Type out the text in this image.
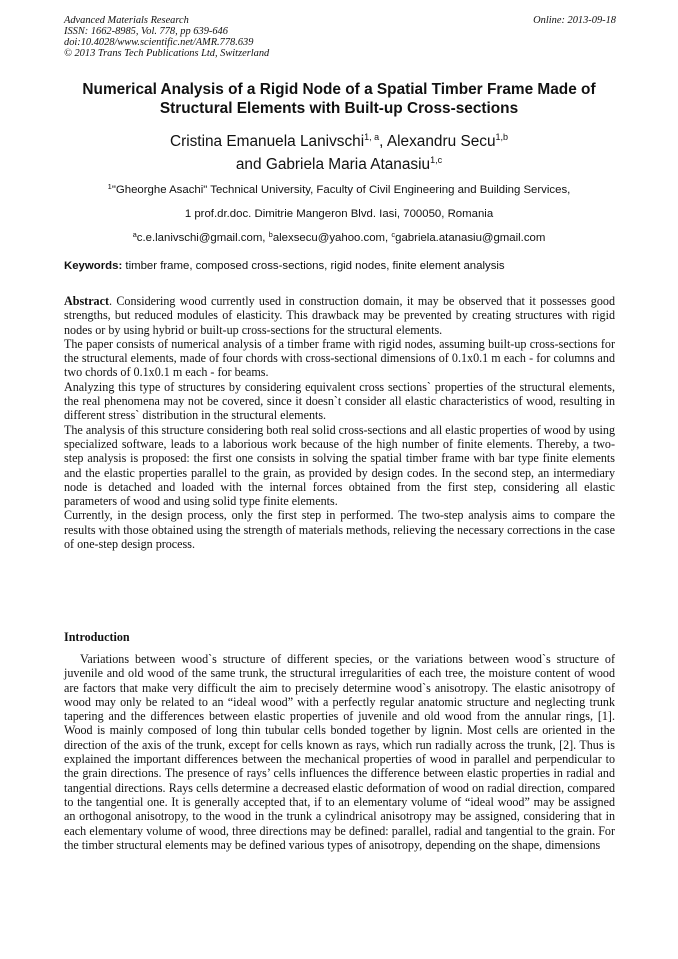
Advanced Materials Research
ISSN: 1662-8985, Vol. 778, pp 639-646
doi:10.4028/www.scientific.net/AMR.778.639
© 2013 Trans Tech Publications Ltd, Switzerland
Online: 2013-09-18
Numerical Analysis of a Rigid Node of a Spatial Timber Frame Made of
Structural Elements with Built-up Cross-sections
Cristina Emanuela Lanivschi$^{1, a}$, Alexandru Secu$^{1,b}$
and Gabriela Maria Atanasiu$^{1,c}$
$^1$"Gheorghe Asachi" Technical University, Faculty of Civil Engineering and Building Services,
1 prof.dr.doc. Dimitrie Mangeron Blvd. Iasi, 700050, Romania
$^a$c.e.lanivschi@gmail.com, $^b$alexsecu@yahoo.com, $^c$gabriela.atanasiu@gmail.com
Keywords: timber frame, composed cross-sections, rigid nodes, finite element analysis

Abstract. Considering wood currently used in construction domain, it may be observed that it possesses good strengths, but reduced modules of elasticity. This drawback may be prevented by creating structures with rigid nodes or by using hybrid or built-up cross-sections for the structural elements.

The paper consists of numerical analysis of a timber frame with rigid nodes, assuming built-up cross-sections for the structural elements, made of four chords with cross-sectional dimensions of 0.1x0.1 m each - for columns and two chords of 0.1x0.1 m each - for beams.

Analyzing this type of structures by considering equivalent cross sections` properties of the structural elements, the real phenomena may not be covered, since it doesn`t consider all elastic characteristics of wood, resulting in different stress` distribution in the structural elements.

The analysis of this structure considering both real solid cross-sections and all elastic properties of wood by using specialized software, leads to a laborious work because of the high number of finite elements. Thereby, a two-step analysis is proposed: the first one consists in solving the spatial timber frame with bar type finite elements and the elastic properties parallel to the grain, as provided by design codes. In the second step, an intermediary node is detached and loaded with the internal forces obtained from the first step, considering all elastic parameters of wood and using solid type finite elements.

Currently, in the design process, only the first step in performed. The two-step analysis aims to compare the results with those obtained using the strength of materials methods, relieving the necessary corrections in the case of one-step design process.

Introduction

Variations between wood`s structure of different species, or the variations between wood`s structure of juvenile and old wood of the same trunk, the structural irregularities of each tree, the moisture content of wood are factors that make very difficult the aim to precisely determine wood`s anisotropy. The elastic anisotropy of wood may only be related to an “ideal wood” with a perfectly regular anatomic structure and neglecting trunk tapering and the differences between elastic properties of juvenile and old wood from the annular rings, [1]. Wood is mainly composed of long thin tubular cells bonded together by lignin. Most cells are oriented in the direction of the axis of the trunk, except for cells known as rays, which run radially across the trunk, [2]. Thus is explained the important differences between the mechanical properties of wood in parallel and perpendicular to the grain directions. The presence of rays’ cells influences the difference between elastic properties in radial and tangential directions. Rays cells determine a decreased elastic deformation of wood on radial direction, compared to the tangential one. It is generally accepted that, if to an elementary volume of “ideal wood” may be assigned an orthogonal anisotropy, to the wood in the trunk a cylindrical anisotropy may be assigned, considering that in each elementary volume of wood, three directions may be defined: parallel, radial and tangential to the grain. For the timber structural elements may be defined various types of anisotropy, depending on the shape, dimensions
